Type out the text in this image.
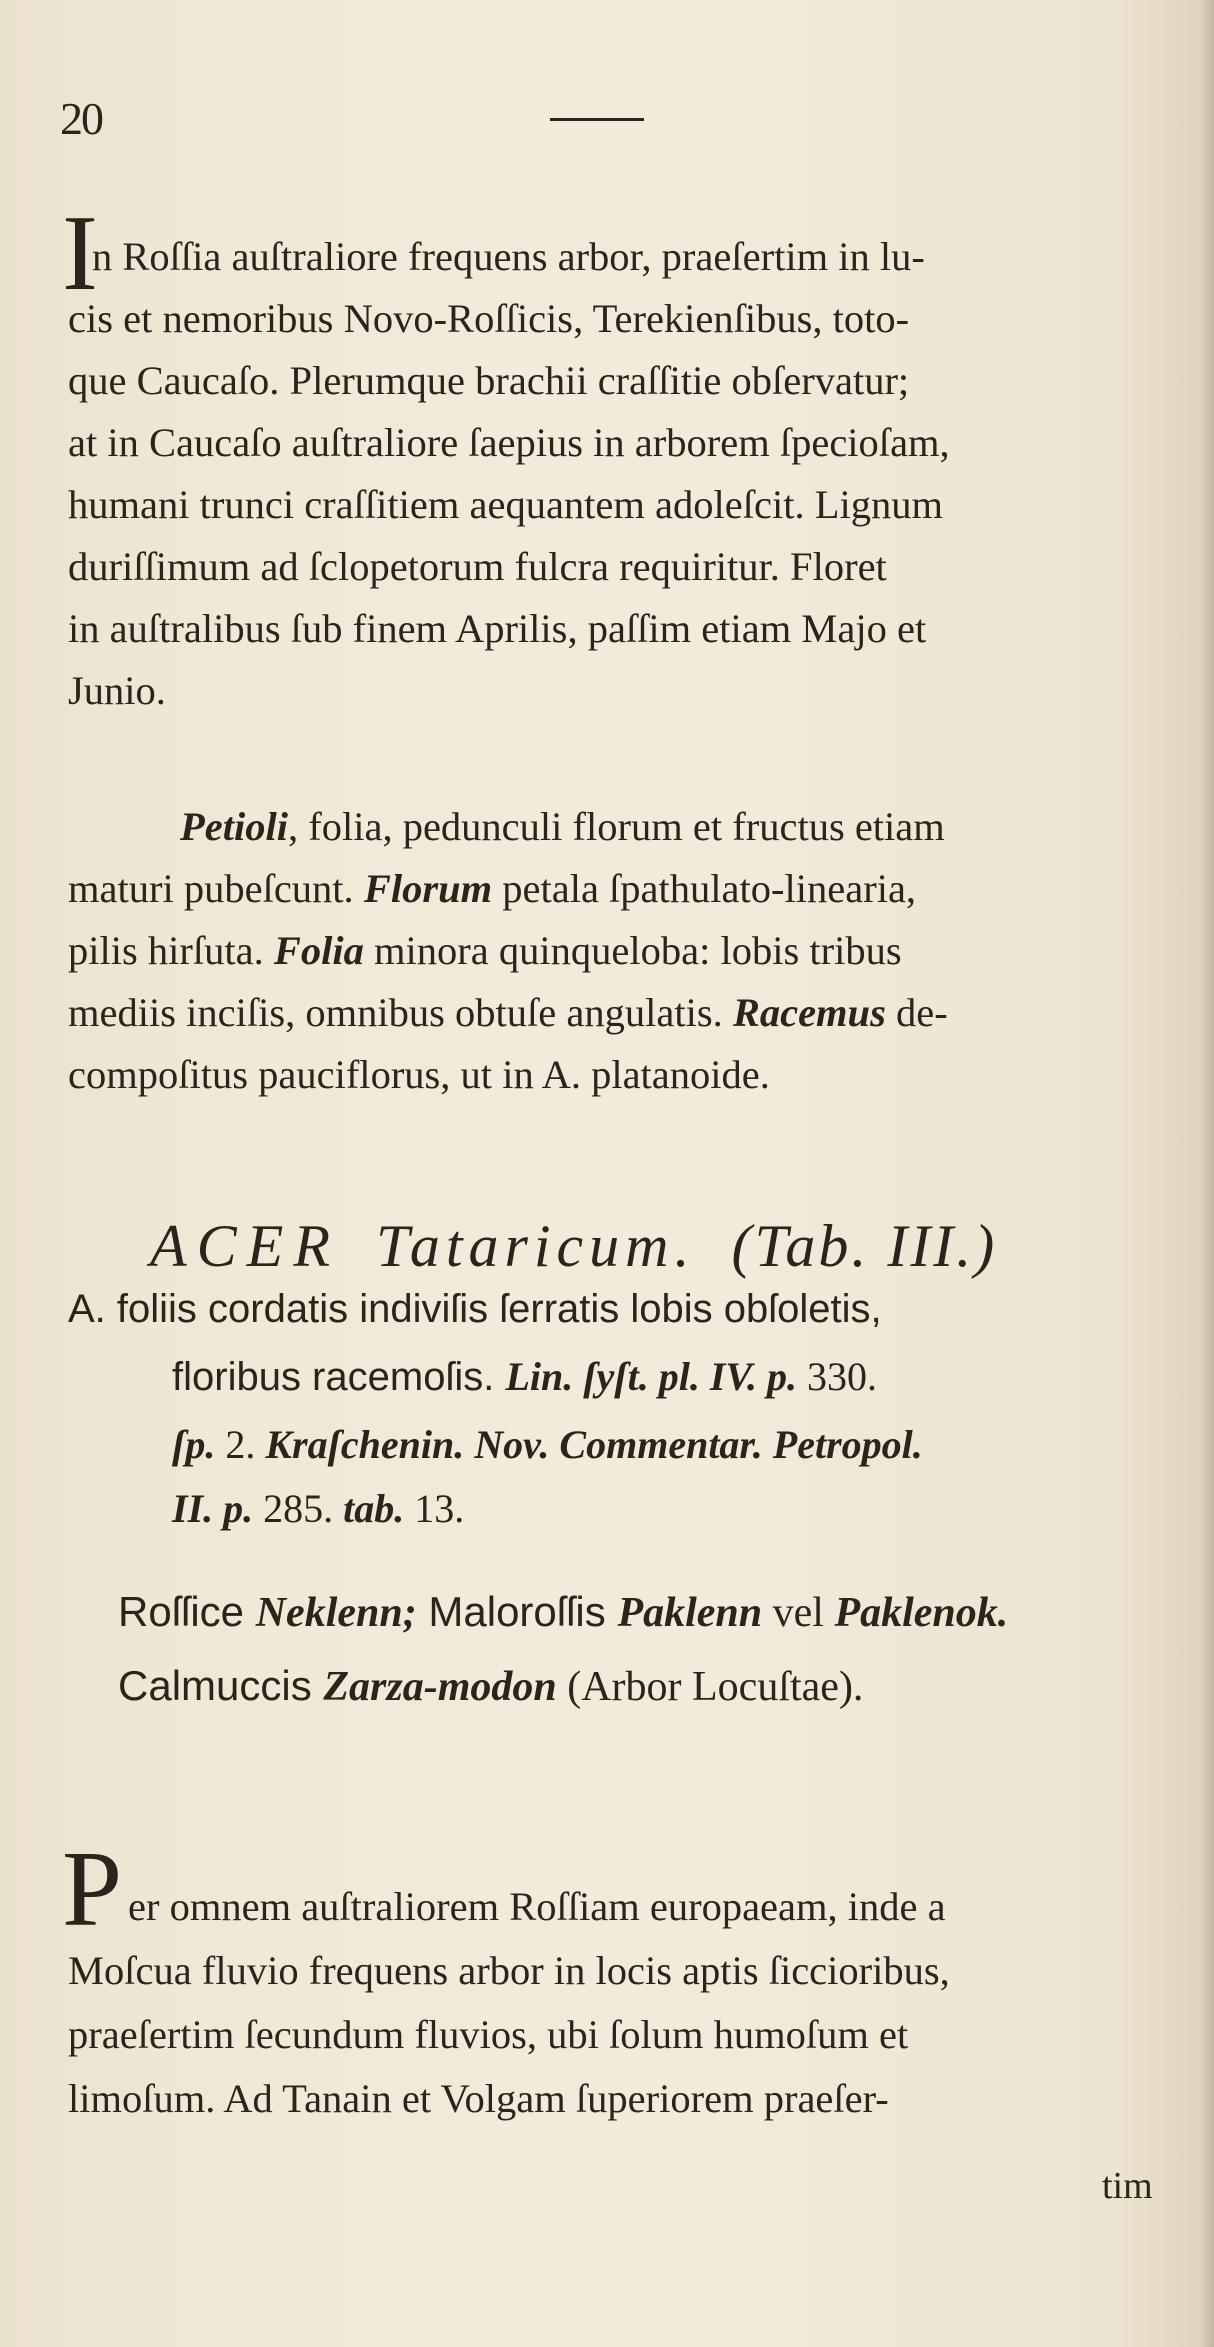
20
I
n Roſſia auſtraliore frequens arbor, praeſertim in lu-
cis et nemoribus Novo-Roſſicis, Terekienſibus, toto-
que Caucaſo. Plerumque brachii craſſitie obſervatur;
at in Caucaſo auſtraliore ſaepius in arborem ſpecioſam,
humani trunci craſſitiem aequantem adoleſcit. Lignum
duriſſimum ad ſclopetorum fulcra requiritur. Floret
in auſtralibus ſub finem Aprilis, paſſim etiam Majo et
Junio.
Petioli, folia, pedunculi florum et fructus etiam
maturi pubeſcunt. Florum petala ſpathulato-linearia,
pilis hirſuta. Folia minora quinqueloba: lobis tribus
mediis inciſis, omnibus obtuſe angulatis. Racemus de-
compoſitus pauciflorus, ut in A. platanoide.
ACER Tataricum. (Tab. III.)
A. foliis cordatis indiviſis ſerratis lobis obſoletis,
floribus racemoſis. Lin. ſyſt. pl. IV. p. 330.
ſp. 2. Kraſchenin. Nov. Commentar. Petropol.
II. p. 285. tab. 13.
Roſſice Neklenn; Maloroſſis Paklenn vel Paklenok.
Calmuccis Zarza-modon (Arbor Locuſtae).
P er omnem auſtraliorem Roſſiam europaeam, inde a
Moſcua fluvio frequens arbor in locis aptis ſiccioribus,
praeſertim ſecundum fluvios, ubi ſolum humoſum et
limoſum. Ad Tanain et Volgam ſuperiorem praeſer-
tim
